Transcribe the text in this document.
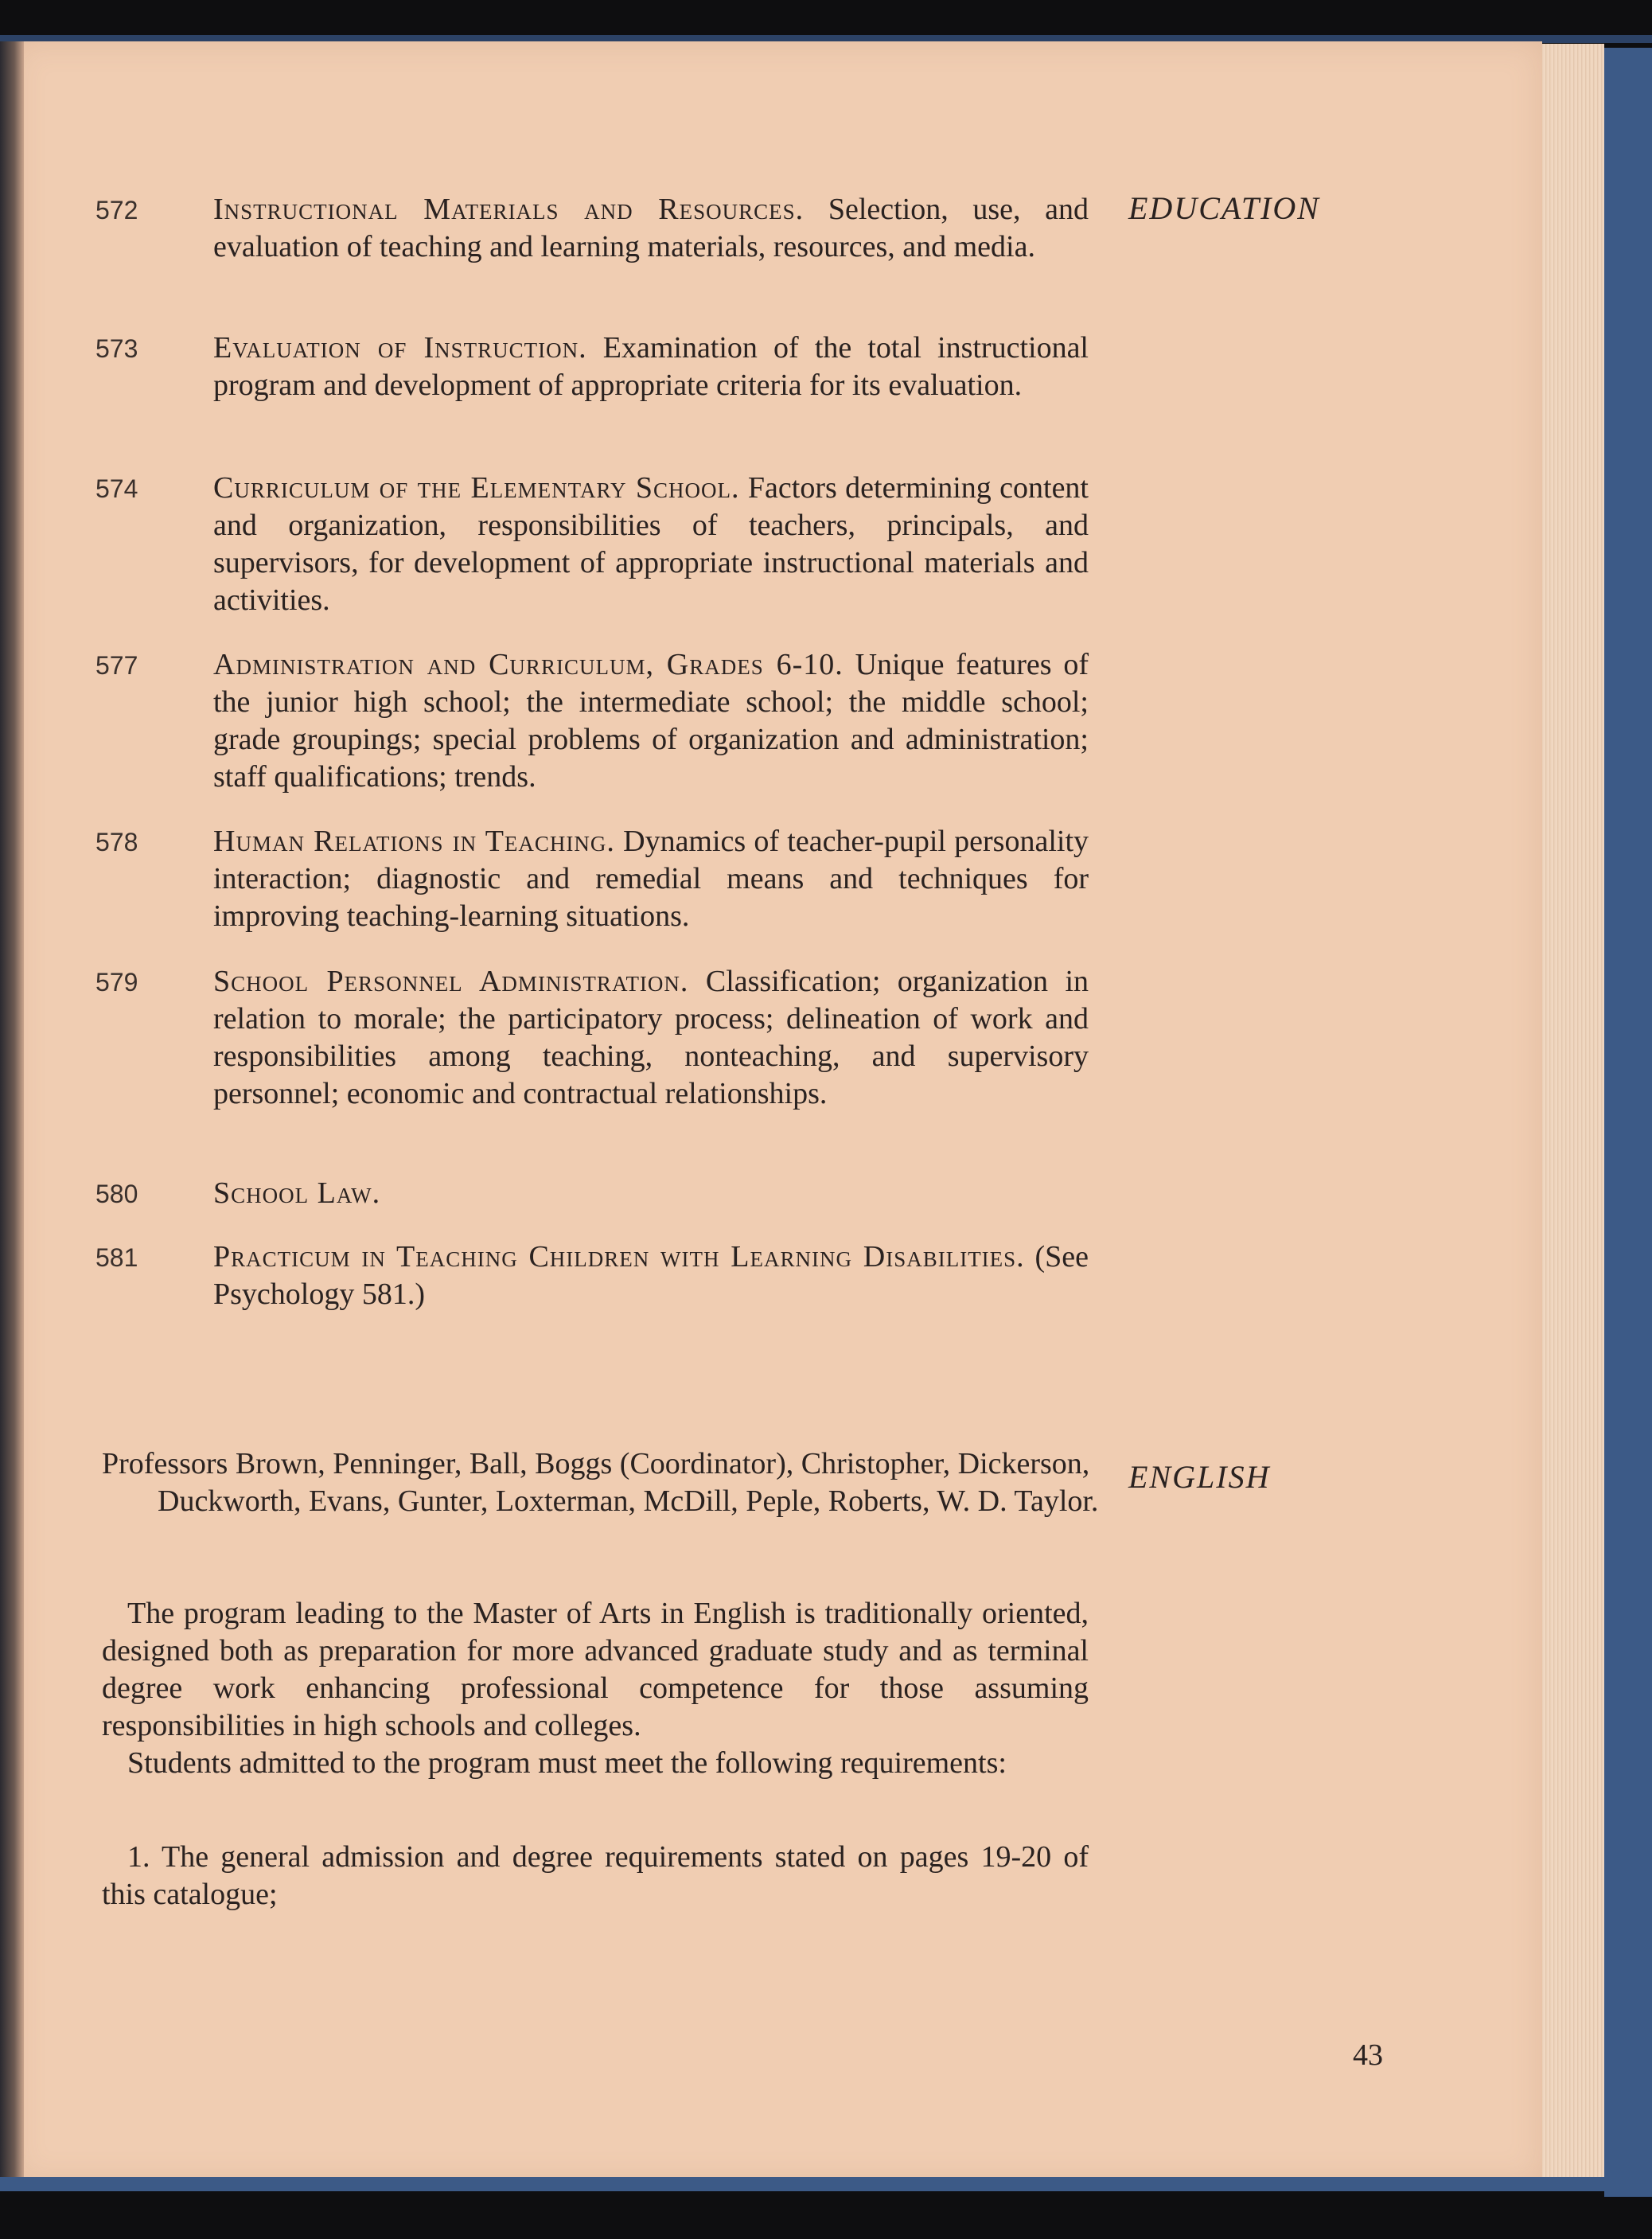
EDUCATION
572 Instructional Materials and Resources. Selection, use, and evaluation of teaching and learning materials, resources, and media.
573 Evaluation of Instruction. Examination of the total instructional program and development of appropriate criteria for its evaluation.
574 Curriculum of the Elementary School. Factors determining content and organization, responsibilities of teachers, principals, and supervisors, for development of appropriate instructional materials and activities.
577 Administration and Curriculum, Grades 6-10. Unique features of the junior high school; the intermediate school; the middle school; grade groupings; special problems of organization and administration; staff qualifications; trends.
578 Human Relations in Teaching. Dynamics of teacher-pupil personality interaction; diagnostic and remedial means and techniques for improving teaching-learning situations.
579 School Personnel Administration. Classification; organization in relation to morale; the participatory process; delineation of work and responsibilities among teaching, nonteaching, and supervisory personnel; economic and contractual relationships.
580 School Law.
581 Practicum in Teaching Children with Learning Disabilities. (See Psychology 581.)
ENGLISH
Professors Brown, Penninger, Ball, Boggs (Coordinator), Christopher, Dickerson, Duckworth, Evans, Gunter, Loxterman, McDill, Peple, Roberts, W. D. Taylor.
The program leading to the Master of Arts in English is traditionally oriented, designed both as preparation for more advanced graduate study and as terminal degree work enhancing professional competence for those assuming responsibilities in high schools and colleges.
Students admitted to the program must meet the following requirements:
1. The general admission and degree requirements stated on pages 19-20 of this catalogue;
43
